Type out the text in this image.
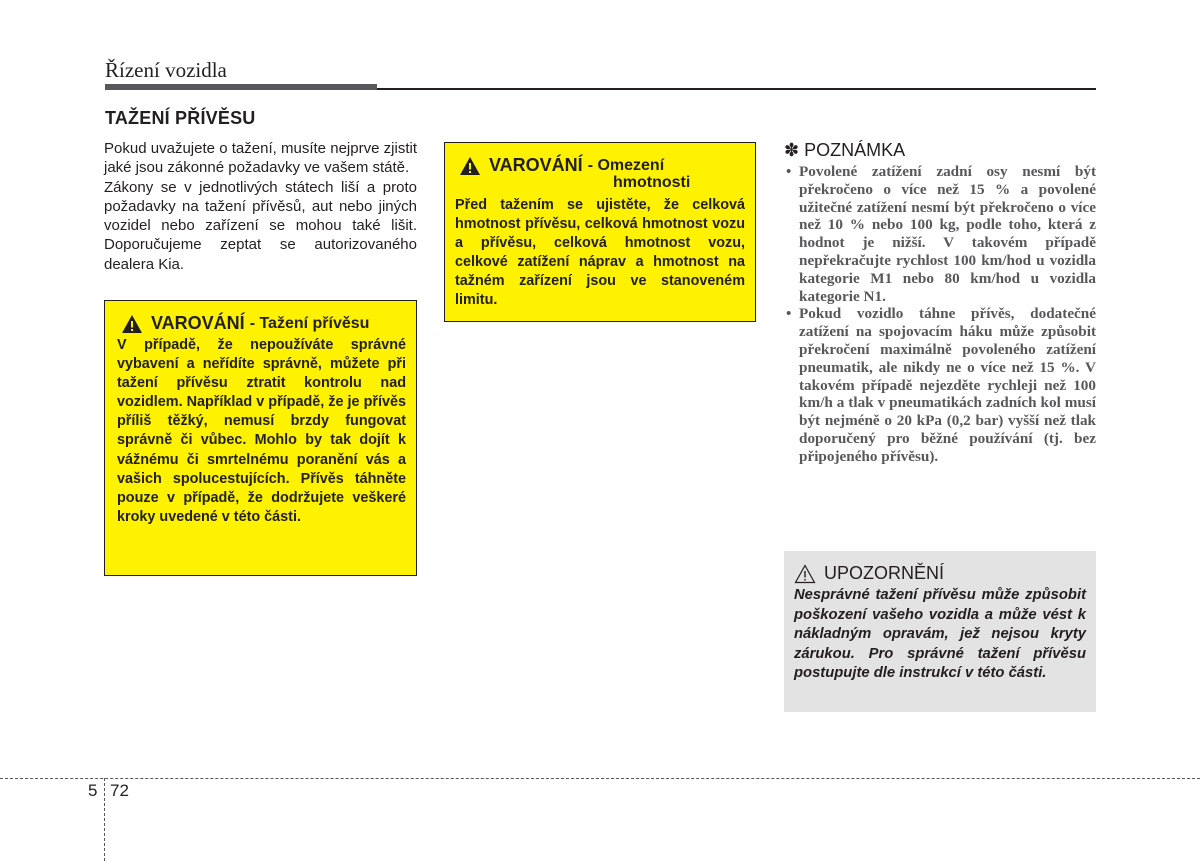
Řízení vozidla
TAŽENÍ PŘÍVĚSU

Pokud uvažujete o tažení, musíte nejprve zjistit jaké jsou zákonné požadavky ve vašem státě.

Zákony se v jednotlivých státech liší a proto požadavky na tažení přívěsů, aut nebo jiných vozidel nebo zařízení se mohou také lišit. Doporučujeme zeptat se autorizovaného dealera Kia.

VAROVÁNÍ - Tažení přívěsu
V případě, že nepoužíváte správné vybavení a neřídíte správně, můžete při tažení přívěsu ztratit kontrolu nad vozidlem. Například v případě, že je přívěs příliš těžký, nemusí brzdy fungovat správně či vůbec. Mohlo by tak dojít k vážnému či smrtelnému poranění vás a vašich spolucestujících. Přívěs táhněte pouze v případě, že dodržujete veškeré kroky uvedené v této části.
VAROVÁNÍ - Omezení
hmotnosti
Před tažením se ujistěte, že celková hmotnost přívěsu, celková hmotnost vozu a přívěsu, celková hmotnost vozu, celkové zatížení náprav a hmotnost na tažném zařízení jsou ve stanoveném limitu.
✽ POZNÁMKA
• Povolené zatížení zadní osy nesmí být překročeno o více než 15 % a povolené užitečné zatížení nesmí být překročeno o více než 10 % nebo 100 kg, podle toho, která z hodnot je nižší. V takovém případě nepřekračujte rychlost 100 km/hod u vozidla kategorie M1 nebo 80 km/hod u vozidla kategorie N1.
• Pokud vozidlo táhne přívěs, dodatečné zatížení na spojovacím háku může způsobit překročení maximálně povoleného zatížení pneumatik, ale nikdy ne o více než 15 %. V takovém případě nejezděte rychleji než 100 km/h a tlak v pneumatikách zadních kol musí být nejméně o 20 kPa (0,2 bar) vyšší než tlak doporučený pro běžné používání (tj. bez připojeného přívěsu).
UPOZORNĚNÍ
Nesprávné tažení přívěsu může způsobit poškození vašeho vozidla a může vést k nákladným opravám, jež nejsou kryty zárukou. Pro správné tažení přívěsu postupujte dle instrukcí v této části.
5 72
